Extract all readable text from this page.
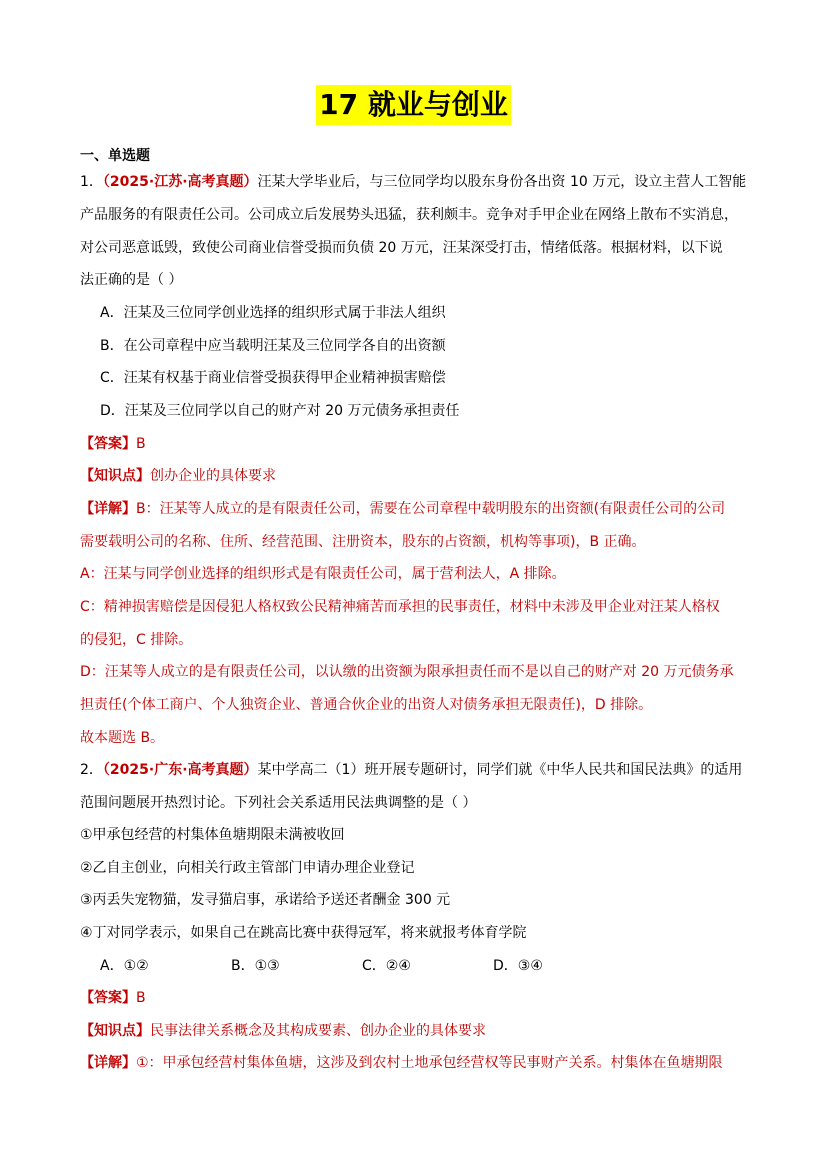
17 就业与创业
一、单选题
1．（2025·江苏·高考真题）汪某大学毕业后，与三位同学均以股东身份各出资 10 万元，设立主营人工智能
产品服务的有限责任公司。公司成立后发展势头迅猛，获利颇丰。竞争对手甲企业在网络上散布不实消息，
对公司恶意诋毁，致使公司商业信誉受损而负债 20 万元，汪某深受打击，情绪低落。根据材料，以下说
法正确的是（ ）
A．汪某及三位同学创业选择的组织形式属于非法人组织
B．在公司章程中应当载明汪某及三位同学各自的出资额
C．汪某有权基于商业信誉受损获得甲企业精神损害赔偿
D．汪某及三位同学以自己的财产对 20 万元债务承担责任
【答案】B
【知识点】创办企业的具体要求
【详解】B：汪某等人成立的是有限责任公司，需要在公司章程中载明股东的出资额(有限责任公司的公司
需要载明公司的名称、住所、经营范围、注册资本，股东的占资额，机构等事项)，B 正确。
A：汪某与同学创业选择的组织形式是有限责任公司，属于营利法人，A 排除。
C：精神损害赔偿是因侵犯人格权致公民精神痛苦而承担的民事责任，材料中未涉及甲企业对汪某人格权
的侵犯，C 排除。
D：汪某等人成立的是有限责任公司，以认缴的出资额为限承担责任而不是以自己的财产对 20 万元债务承
担责任(个体工商户、个人独资企业、普通合伙企业的出资人对债务承担无限责任)，D 排除。
故本题选 B。
2．（2025·广东·高考真题）某中学高二（1）班开展专题研讨，同学们就《中华人民共和国民法典》的适用
范围问题展开热烈讨论。下列社会关系适用民法典调整的是（ ）
①甲承包经营的村集体鱼塘期限未满被收回
②乙自主创业，向相关行政主管部门申请办理企业登记
③丙丢失宠物猫，发寻猫启事，承诺给予送还者酬金 300 元
④丁对同学表示，如果自己在跳高比赛中获得冠军，将来就报考体育学院
A．①②	B．①③	C．②④	D．③④
【答案】B
【知识点】民事法律关系概念及其构成要素、创办企业的具体要求
【详解】①：甲承包经营村集体鱼塘，这涉及到农村土地承包经营权等民事财产关系。村集体在鱼塘期限
